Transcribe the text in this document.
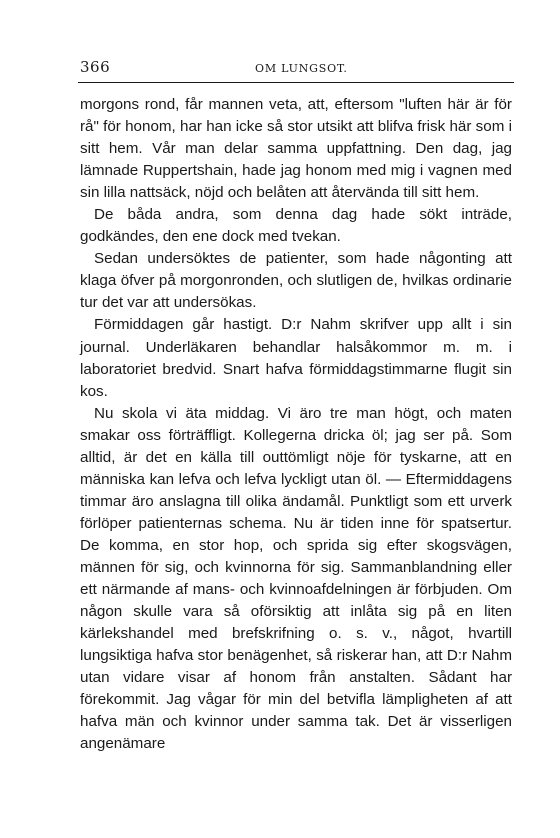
366	OM LUNGSOT.

morgons rond, får mannen veta, att, eftersom "luften här är för rå" för honom, har han icke så stor utsikt att blifva frisk här som i sitt hem. Vår man delar samma uppfattning. Den dag, jag lämnade Ruppertshain, hade jag honom med mig i vagnen med sin lilla nattsäck, nöjd och belåten att återvända till sitt hem.

De båda andra, som denna dag hade sökt inträde, godkändes, den ene dock med tvekan.

Sedan undersöktes de patienter, som hade någonting att klaga öfver på morgonronden, och slutligen de, hvilkas ordinarie tur det var att undersökas.

Förmiddagen går hastigt. D:r Nahm skrifver upp allt i sin journal. Underläkaren behandlar halsåkommor m. m. i laboratoriet bredvid. Snart hafva förmiddagstimmarne flugit sin kos.

Nu skola vi äta middag. Vi äro tre man högt, och maten smakar oss förträffligt. Kollegerna dricka öl; jag ser på. Som alltid, är det en källa till outtömligt nöje för tyskarne, att en människa kan lefva och lefva lyckligt utan öl. — Eftermiddagens timmar äro anslagna till olika ändamål. Punktligt som ett urverk förlöper patienternas schema. Nu är tiden inne för spatsertur. De komma, en stor hop, och sprida sig efter skogsvägen, männen för sig, och kvinnorna för sig. Sammanblandning eller ett närmande af mans- och kvinnoafdelningen är förbjuden. Om någon skulle vara så oförsiktig att inlåta sig på en liten kärlekshandel med brefskrifning o. s. v., något, hvartill lungsiktiga hafva stor benägenhet, så riskerar han, att D:r Nahm utan vidare visar af honom från anstalten. Sådant har förekommit. Jag vågar för min del betvifla lämpligheten af att hafva män och kvinnor under samma tak. Det är visserligen angenämare
